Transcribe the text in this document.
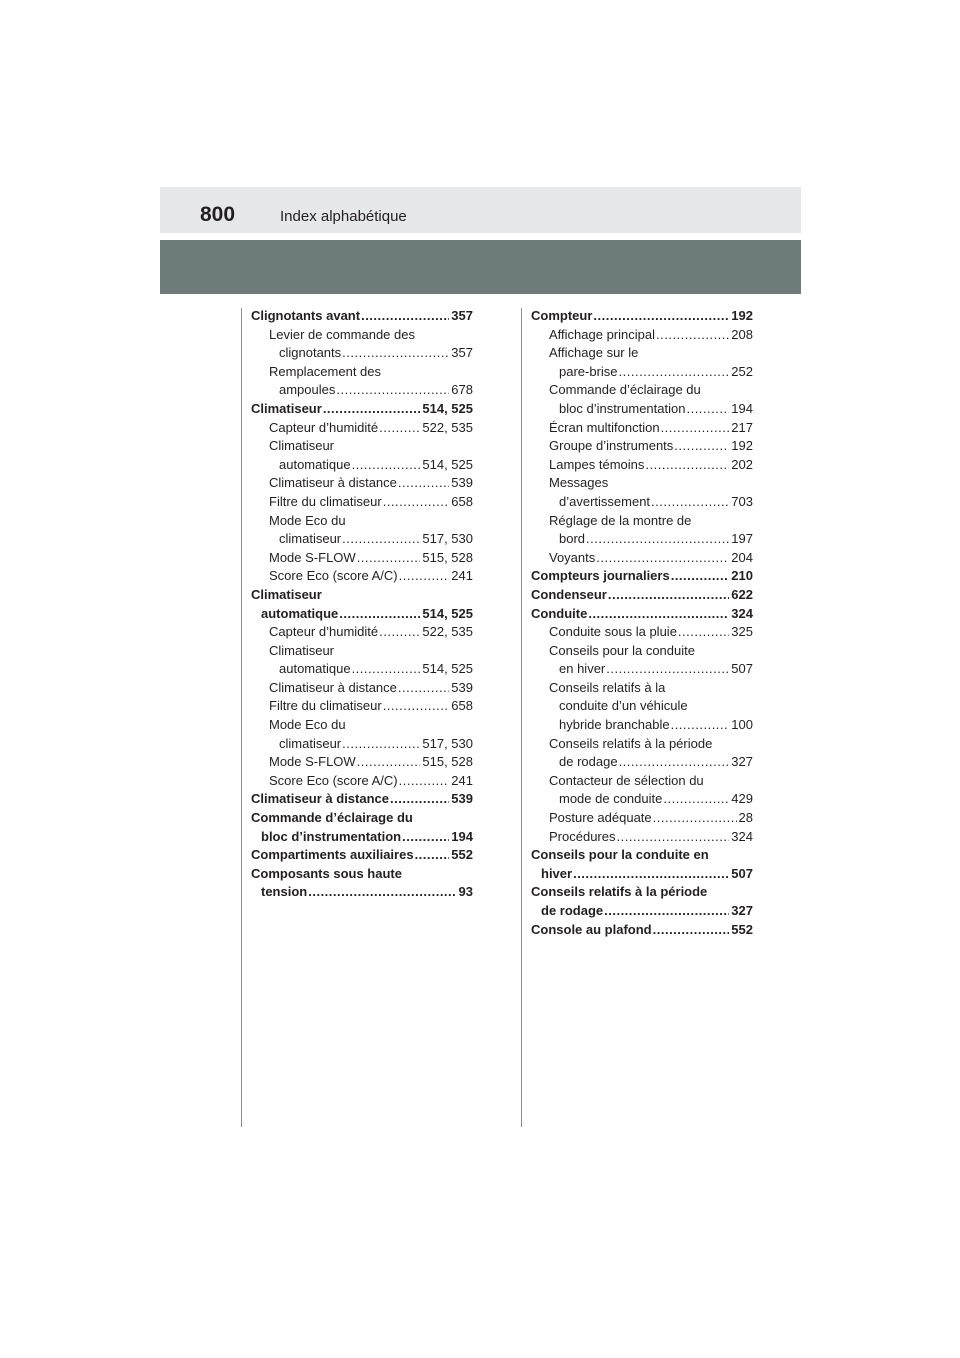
800	Index alphabétique
Clignotants avant .....	357
Levier de commande des
clignotants .....	357
Remplacement des
ampoules .....	678
Climatiseur .....	514, 525
Capteur d’humidité .....	522, 535
Climatiseur
automatique .....	514, 525
Climatiseur à distance .....	539
Filtre du climatiseur .....	658
Mode Eco du
climatiseur .....	517, 530
Mode S-FLOW .....	515, 528
Score Eco (score A/C) .....	241
Climatiseur
automatique .....	514, 525
Capteur d’humidité .....	522, 535
Climatiseur
automatique .....	514, 525
Climatiseur à distance .....	539
Filtre du climatiseur .....	658
Mode Eco du
climatiseur .....	517, 530
Mode S-FLOW .....	515, 528
Score Eco (score A/C) .....	241
Climatiseur à distance .....	539
Commande d’éclairage du
bloc d’instrumentation .....	194
Compartiments auxiliaires .....	552
Composants sous haute
tension .....	93
Compteur .....	192
Affichage principal .....	208
Affichage sur le
pare-brise .....	252
Commande d’éclairage du
bloc d’instrumentation .....	194
Écran multifonction .....	217
Groupe d’instruments .....	192
Lampes témoins .....	202
Messages
d’avertissement .....	703
Réglage de la montre de
bord .....	197
Voyants .....	204
Compteurs journaliers .....	210
Condenseur .....	622
Conduite .....	324
Conduite sous la pluie .....	325
Conseils pour la conduite
en hiver .....	507
Conseils relatifs à la
conduite d’un véhicule
hybride branchable .....	100
Conseils relatifs à la période
de rodage .....	327
Contacteur de sélection du
mode de conduite .....	429
Posture adéquate .....	28
Procédures .....	324
Conseils pour la conduite en
hiver .....	507
Conseils relatifs à la période
de rodage .....	327
Console au plafond .....	552
